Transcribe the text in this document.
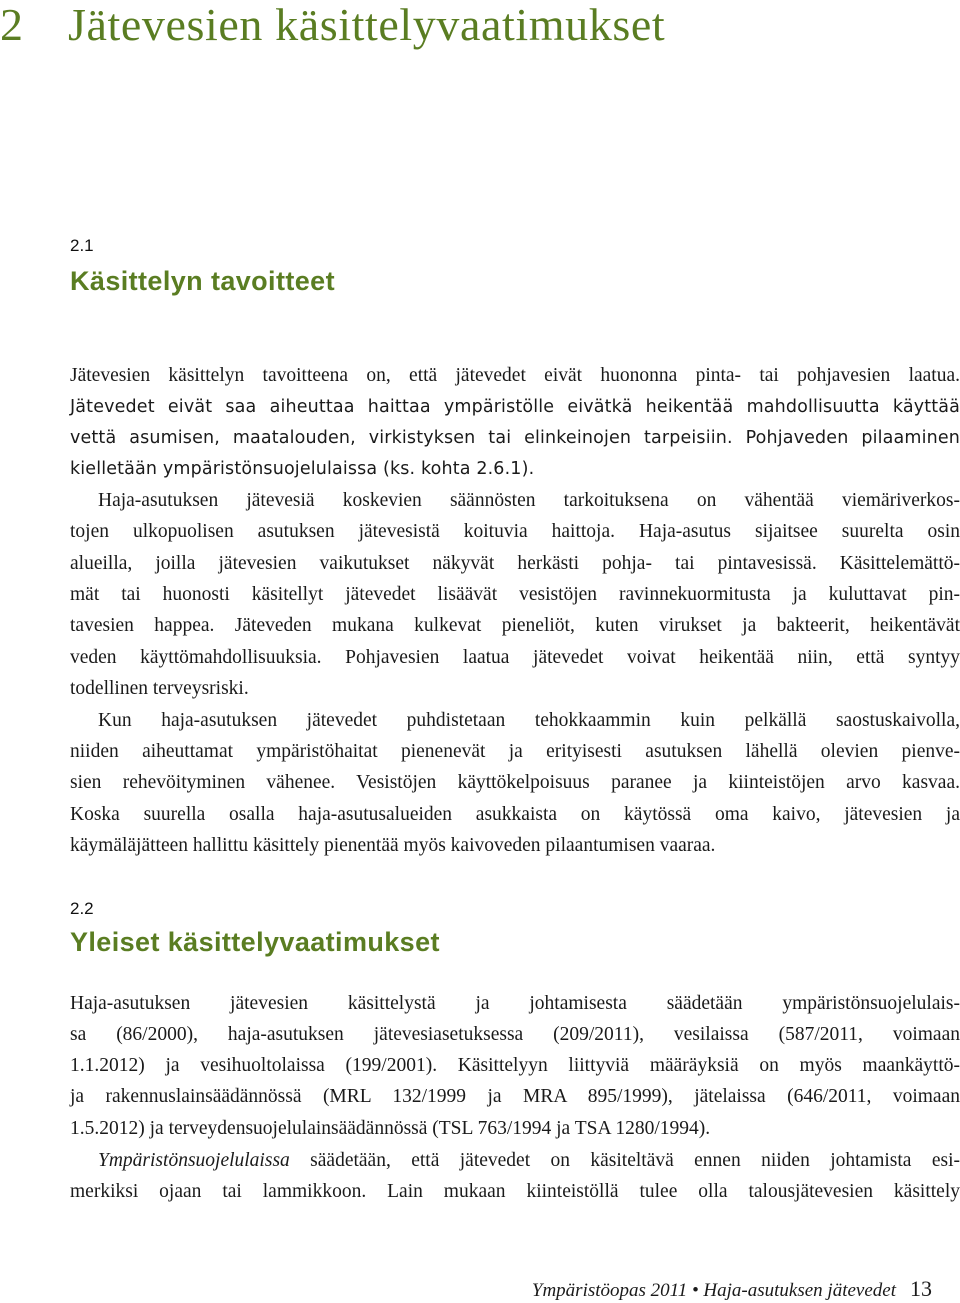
2 Jätevesien käsittelyvaatimukset
2.1
Käsittelyn tavoitteet
Jätevesien käsittelyn tavoitteena on, että jätevedet eivät huononna pinta- tai pohjavesien laatua.
Jätevedet eivät saa aiheuttaa haittaa ympäristölle eivätkä heikentää mahdollisuutta käyttää
vettä asumisen, maatalouden, virkistyksen tai elinkeinojen tarpeisiin. Pohjaveden pilaaminen
kielletään ympäristönsuojelulaissa (ks. kohta 2.6.1).
Haja-asutuksen jätevesiä koskevien säännösten tarkoituksena on vähentää viemäriverkos-
tojen ulkopuolisen asutuksen jätevesistä koituvia haittoja. Haja-asutus sijaitsee suurelta osin
alueilla, joilla jätevesien vaikutukset näkyvät herkästi pohja- tai pintavesissä. Käsittelemättö-
mät tai huonosti käsitellyt jätevedet lisäävät vesistöjen ravinnekuormitusta ja kuluttavat pin-
tavesien happea. Jäteveden mukana kulkevat pieneliöt, kuten virukset ja bakteerit, heikentävät
veden käyttömahdollisuuksia. Pohjavesien laatua jätevedet voivat heikentää niin, että syntyy
todellinen terveysriski.
Kun haja-asutuksen jätevedet puhdistetaan tehokkaammin kuin pelkällä saostuskaivolla,
niiden aiheuttamat ympäristöhaitat pienenevät ja erityisesti asutuksen lähellä olevien pienve-
sien rehevöityminen vähenee. Vesistöjen käyttökelpoisuus paranee ja kiinteistöjen arvo kasvaa.
Koska suurella osalla haja-asutusalueiden asukkaista on käytössä oma kaivo, jätevesien ja
käymäläjätteen hallittu käsittely pienentää myös kaivoveden pilaantumisen vaaraa.
2.2
Yleiset käsittelyvaatimukset
Haja-asutuksen jätevesien käsittelystä ja johtamisesta säädetään ympäristönsuojelulais-
sa (86/2000), haja-asutuksen jätevesiasetuksessa (209/2011), vesilaissa (587/2011, voimaan
1.1.2012) ja vesihuoltolaissa (199/2001). Käsittelyyn liittyviä määräyksiä on myös maankäyttö-
ja rakennuslainsäädännössä (MRL 132/1999 ja MRA 895/1999), jätelaissa (646/2011, voimaan
1.5.2012) ja terveydensuojelulainsäädännössä (TSL 763/1994 ja TSA 1280/1994).
Ympäristönsuojelulaissa säädetään, että jätevedet on käsiteltävä ennen niiden johtamista esi-
merkiksi ojaan tai lammikkoon. Lain mukaan kiinteistöllä tulee olla talousjätevesien käsittely
Ympäristöopas 2011 • Haja-asutuksen jätevedet 13
